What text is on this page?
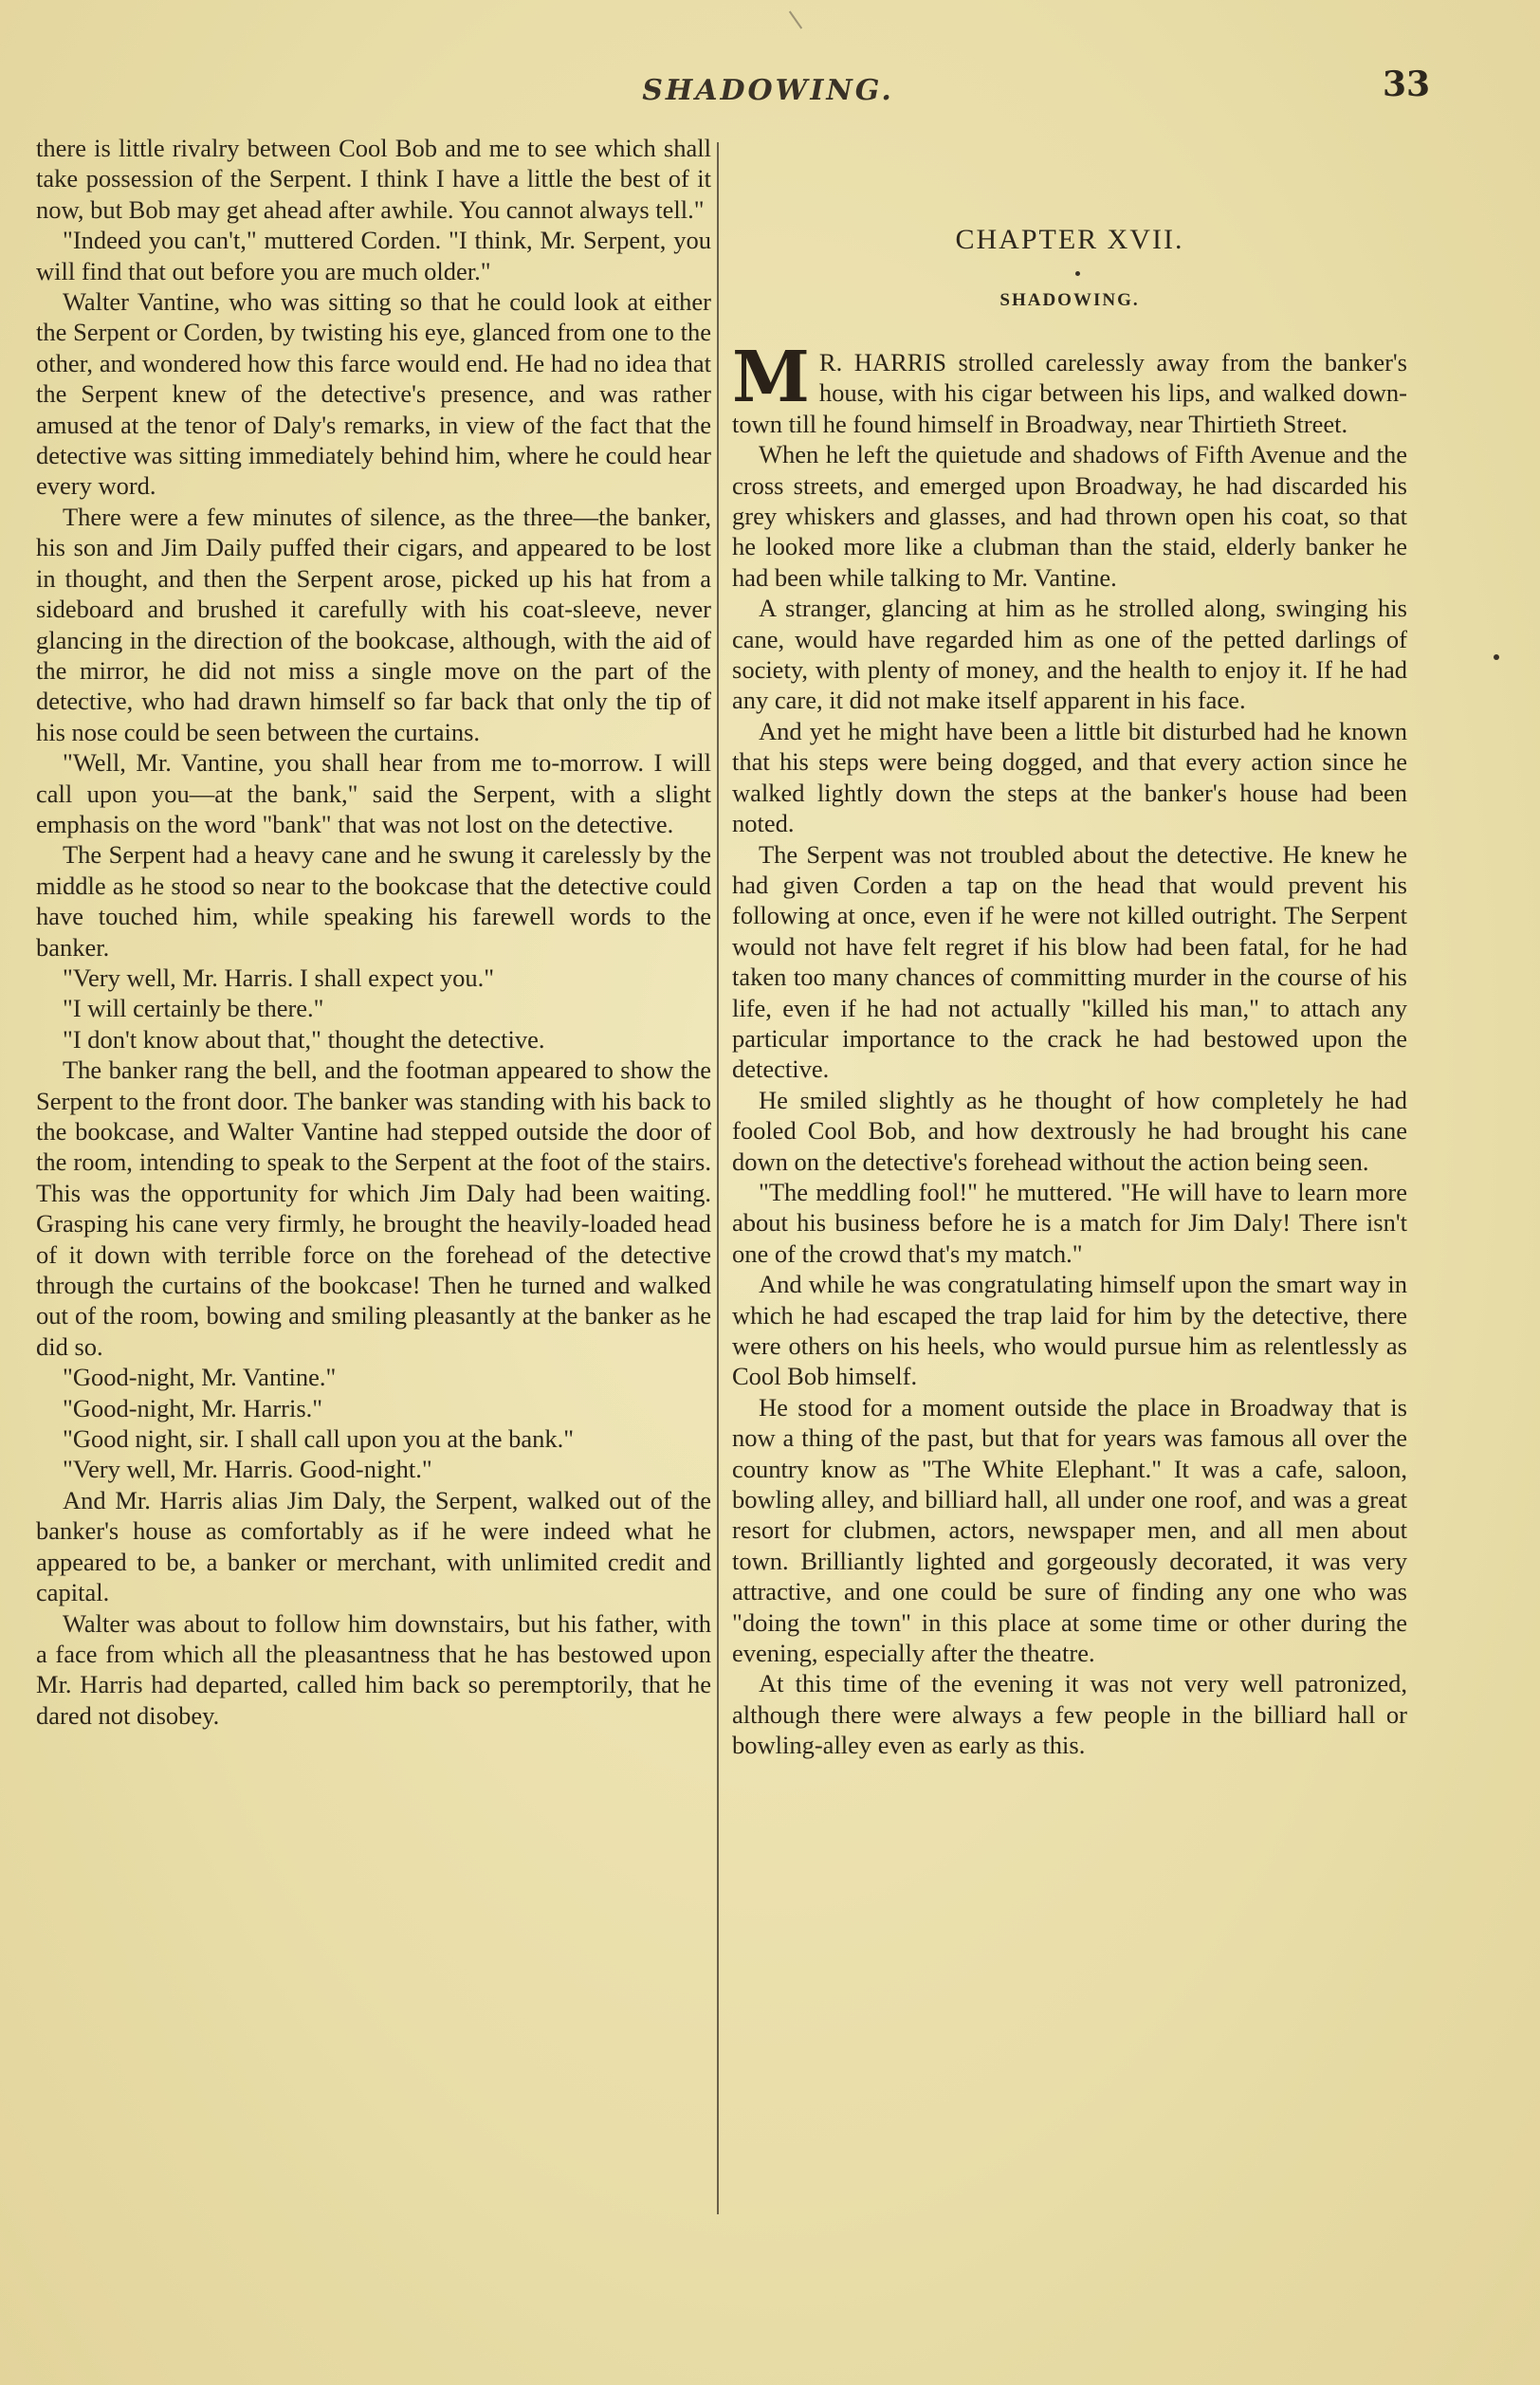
SHADOWING.	33

there is little rivalry between Cool Bob and me to see which shall take possession of the Serpent. I think I have a little the best of it now, but Bob may get ahead after awhile. You cannot always tell."

"Indeed you can't," muttered Corden. "I think, Mr. Serpent, you will find that out before you are much older."

Walter Vantine, who was sitting so that he could look at either the Serpent or Corden, by twisting his eye, glanced from one to the other, and wondered how this farce would end. He had no idea that the Serpent knew of the detective's presence, and was rather amused at the tenor of Daly's remarks, in view of the fact that the detective was sitting immediately behind him, where he could hear every word.

There were a few minutes of silence, as the three—the banker, his son and Jim Daily puffed their cigars, and appeared to be lost in thought, and then the Serpent arose, picked up his hat from a sideboard and brushed it carefully with his coat-sleeve, never glancing in the direction of the bookcase, although, with the aid of the mirror, he did not miss a single move on the part of the detective, who had drawn himself so far back that only the tip of his nose could be seen between the curtains.

"Well, Mr. Vantine, you shall hear from me to-morrow. I will call upon you—at the bank," said the Serpent, with a slight emphasis on the word "bank" that was not lost on the detective.

The Serpent had a heavy cane and he swung it carelessly by the middle as he stood so near to the bookcase that the detective could have touched him, while speaking his farewell words to the banker.

"Very well, Mr. Harris. I shall expect you."

"I will certainly be there."

"I don't know about that," thought the detective.

The banker rang the bell, and the footman appeared to show the Serpent to the front door. The banker was standing with his back to the bookcase, and Walter Vantine had stepped outside the door of the room, intending to speak to the Serpent at the foot of the stairs. This was the opportunity for which Jim Daly had been waiting. Grasping his cane very firmly, he brought the heavily-loaded head of it down with terrible force on the forehead of the detective through the curtains of the bookcase! Then he turned and walked out of the room, bowing and smiling pleasantly at the banker as he did so.

"Good-night, Mr. Vantine."

"Good-night, Mr. Harris."

"Good night, sir. I shall call upon you at the bank."

"Very well, Mr. Harris. Good-night."

And Mr. Harris alias Jim Daly, the Serpent, walked out of the banker's house as comfortably as if he were indeed what he appeared to be, a banker or merchant, with unlimited credit and capital.

Walter was about to follow him downstairs, but his father, with a face from which all the pleasantness that he has bestowed upon Mr. Harris had departed, called him back so peremptorily, that he dared not disobey.

CHAPTER XVII.
SHADOWING.

M R. HARRIS strolled carelessly away from the banker's house, with his cigar between his lips, and walked down-town till he found himself in Broadway, near Thirtieth Street.

When he left the quietude and shadows of Fifth Avenue and the cross streets, and emerged upon Broadway, he had discarded his grey whiskers and glasses, and had thrown open his coat, so that he looked more like a clubman than the staid, elderly banker he had been while talking to Mr. Vantine.

A stranger, glancing at him as he strolled along, swinging his cane, would have regarded him as one of the petted darlings of society, with plenty of money, and the health to enjoy it. If he had any care, it did not make itself apparent in his face.

And yet he might have been a little bit disturbed had he known that his steps were being dogged, and that every action since he walked lightly down the steps at the banker's house had been noted.

The Serpent was not troubled about the detective. He knew he had given Corden a tap on the head that would prevent his following at once, even if he were not killed outright. The Serpent would not have felt regret if his blow had been fatal, for he had taken too many chances of committing murder in the course of his life, even if he had not actually "killed his man," to attach any particular importance to the crack he had bestowed upon the detective.

He smiled slightly as he thought of how completely he had fooled Cool Bob, and how dextrously he had brought his cane down on the detective's forehead without the action being seen.

"The meddling fool!" he muttered. "He will have to learn more about his business before he is a match for Jim Daly! There isn't one of the crowd that's my match."

And while he was congratulating himself upon the smart way in which he had escaped the trap laid for him by the detective, there were others on his heels, who would pursue him as relentlessly as Cool Bob himself.

He stood for a moment outside the place in Broadway that is now a thing of the past, but that for years was famous all over the country know as "The White Elephant." It was a cafe, saloon, bowling alley, and billiard hall, all under one roof, and was a great resort for clubmen, actors, newspaper men, and all men about town. Brilliantly lighted and gorgeously decorated, it was very attractive, and one could be sure of finding any one who was "doing the town" in this place at some time or other during the evening, especially after the theatre.

At this time of the evening it was not very well patronized, although there were always a few people in the billiard hall or bowling-alley even as early as this.
